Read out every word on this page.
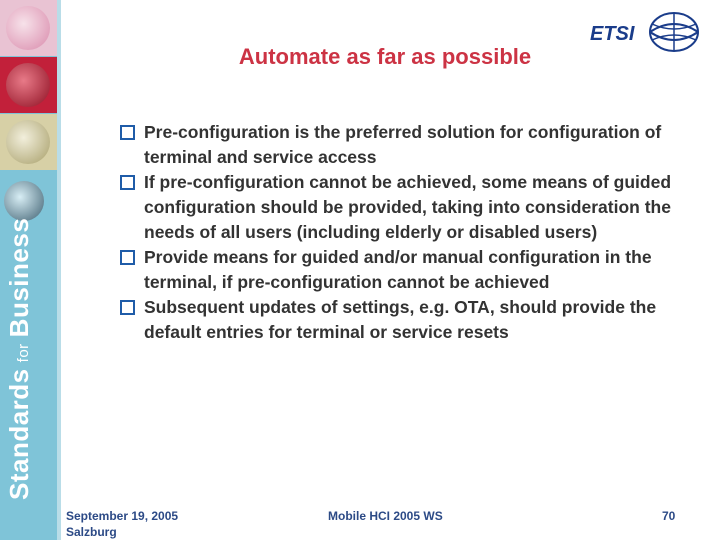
StandardsforBusiness
ETSI
Automate as far as possible
Pre-configuration is the preferred solution for configuration of terminal and service access
If pre-configuration cannot be achieved, some means of guided configuration should be provided, taking into consideration the needs of all users (including elderly or disabled users)
Provide means for guided and/or manual configuration in the terminal, if pre-configuration cannot be achieved
Subsequent updates of settings, e.g. OTA, should provide the default entries for terminal or service resets
September 19, 2005
Salzburg
Mobile HCI 2005 WS	70
